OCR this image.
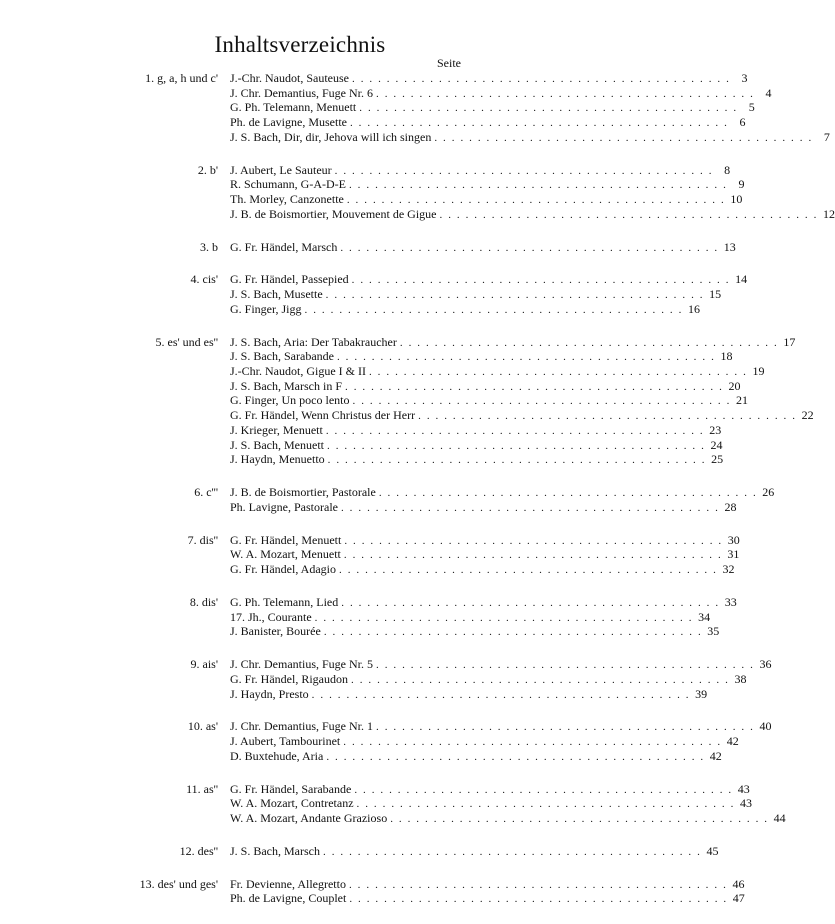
Inhaltsverzeichnis
Seite
1. g, a, h und c'	J.-Chr. Naudot, Sauteuse . . . . . . . . . . . . . . . . . . . . . . . . . . . . . . . . . . . . . . . . . . . . 3
J. Chr. Demantius, Fuge Nr. 6 . . . . . . . . . . . . . . . . . . . . . . . . . . . . . . . . . . . . . . . . . . . . 4
G. Ph. Telemann, Menuett . . . . . . . . . . . . . . . . . . . . . . . . . . . . . . . . . . . . . . . . . . . . 5
Ph. de Lavigne, Musette . . . . . . . . . . . . . . . . . . . . . . . . . . . . . . . . . . . . . . . . . . . . 6
J. S. Bach, Dir, dir, Jehova will ich singen . . . . . . . . . . . . . . . . . . . . . . . . . . . . . . . . . . . . . . . . . . . . 7
2. b'	J. Aubert, Le Sauteur . . . . . . . . . . . . . . . . . . . . . . . . . . . . . . . . . . . . . . . . . . . . 8
R. Schumann, G-A-D-E . . . . . . . . . . . . . . . . . . . . . . . . . . . . . . . . . . . . . . . . . . . . 9
Th. Morley, Canzonette . . . . . . . . . . . . . . . . . . . . . . . . . . . . . . . . . . . . . . . . . . . . 10
J. B. de Boismortier, Mouvement de Gigue . . . . . . . . . . . . . . . . . . . . . . . . . . . . . . . . . . . . . . . . . . . . 12
3. b	G. Fr. Händel, Marsch . . . . . . . . . . . . . . . . . . . . . . . . . . . . . . . . . . . . . . . . . . . . 13
4. cis'	G. Fr. Händel, Passepied . . . . . . . . . . . . . . . . . . . . . . . . . . . . . . . . . . . . . . . . . . . . 14
J. S. Bach, Musette . . . . . . . . . . . . . . . . . . . . . . . . . . . . . . . . . . . . . . . . . . . . 15
G. Finger, Jigg . . . . . . . . . . . . . . . . . . . . . . . . . . . . . . . . . . . . . . . . . . . . 16
5. es' und es''	J. S. Bach, Aria: Der Tabakraucher . . . . . . . . . . . . . . . . . . . . . . . . . . . . . . . . . . . . . . . . . . . . 17
J. S. Bach, Sarabande . . . . . . . . . . . . . . . . . . . . . . . . . . . . . . . . . . . . . . . . . . . . 18
J.-Chr. Naudot, Gigue I & II . . . . . . . . . . . . . . . . . . . . . . . . . . . . . . . . . . . . . . . . . . . . 19
J. S. Bach, Marsch in F . . . . . . . . . . . . . . . . . . . . . . . . . . . . . . . . . . . . . . . . . . . . 20
G. Finger, Un poco lento . . . . . . . . . . . . . . . . . . . . . . . . . . . . . . . . . . . . . . . . . . . . 21
G. Fr. Händel, Wenn Christus der Herr . . . . . . . . . . . . . . . . . . . . . . . . . . . . . . . . . . . . . . . . . . . . 22
J. Krieger, Menuett . . . . . . . . . . . . . . . . . . . . . . . . . . . . . . . . . . . . . . . . . . . . 23
J. S. Bach, Menuett . . . . . . . . . . . . . . . . . . . . . . . . . . . . . . . . . . . . . . . . . . . . 24
J. Haydn, Menuetto . . . . . . . . . . . . . . . . . . . . . . . . . . . . . . . . . . . . . . . . . . . . 25
6. c'''	J. B. de Boismortier, Pastorale . . . . . . . . . . . . . . . . . . . . . . . . . . . . . . . . . . . . . . . . . . . . 26
Ph. Lavigne, Pastorale . . . . . . . . . . . . . . . . . . . . . . . . . . . . . . . . . . . . . . . . . . . . 28
7. dis''	G. Fr. Händel, Menuett . . . . . . . . . . . . . . . . . . . . . . . . . . . . . . . . . . . . . . . . . . . . 30
W. A. Mozart, Menuett . . . . . . . . . . . . . . . . . . . . . . . . . . . . . . . . . . . . . . . . . . . . 31
G. Fr. Händel, Adagio . . . . . . . . . . . . . . . . . . . . . . . . . . . . . . . . . . . . . . . . . . . . 32
8. dis'	G. Ph. Telemann, Lied . . . . . . . . . . . . . . . . . . . . . . . . . . . . . . . . . . . . . . . . . . . . 33
17. Jh., Courante . . . . . . . . . . . . . . . . . . . . . . . . . . . . . . . . . . . . . . . . . . . . 34
J. Banister, Bourée . . . . . . . . . . . . . . . . . . . . . . . . . . . . . . . . . . . . . . . . . . . . 35
9. ais'	J. Chr. Demantius, Fuge Nr. 5 . . . . . . . . . . . . . . . . . . . . . . . . . . . . . . . . . . . . . . . . . . . . 36
G. Fr. Händel, Rigaudon . . . . . . . . . . . . . . . . . . . . . . . . . . . . . . . . . . . . . . . . . . . . 38
J. Haydn, Presto . . . . . . . . . . . . . . . . . . . . . . . . . . . . . . . . . . . . . . . . . . . . 39
10. as'	J. Chr. Demantius, Fuge Nr. 1 . . . . . . . . . . . . . . . . . . . . . . . . . . . . . . . . . . . . . . . . . . . . 40
J. Aubert, Tambourinet . . . . . . . . . . . . . . . . . . . . . . . . . . . . . . . . . . . . . . . . . . . . 42
D. Buxtehude, Aria . . . . . . . . . . . . . . . . . . . . . . . . . . . . . . . . . . . . . . . . . . . . 42
11. as''	G. Fr. Händel, Sarabande . . . . . . . . . . . . . . . . . . . . . . . . . . . . . . . . . . . . . . . . . . . . 43
W. A. Mozart, Contretanz . . . . . . . . . . . . . . . . . . . . . . . . . . . . . . . . . . . . . . . . . . . . 43
W. A. Mozart, Andante Grazioso . . . . . . . . . . . . . . . . . . . . . . . . . . . . . . . . . . . . . . . . . . . . 44
12. des''	J. S. Bach, Marsch . . . . . . . . . . . . . . . . . . . . . . . . . . . . . . . . . . . . . . . . . . . . 45
13. des' und ges'	Fr. Devienne, Allegretto . . . . . . . . . . . . . . . . . . . . . . . . . . . . . . . . . . . . . . . . . . . . 46
Ph. de Lavigne, Couplet . . . . . . . . . . . . . . . . . . . . . . . . . . . . . . . . . . . . . . . . . . . . 47
